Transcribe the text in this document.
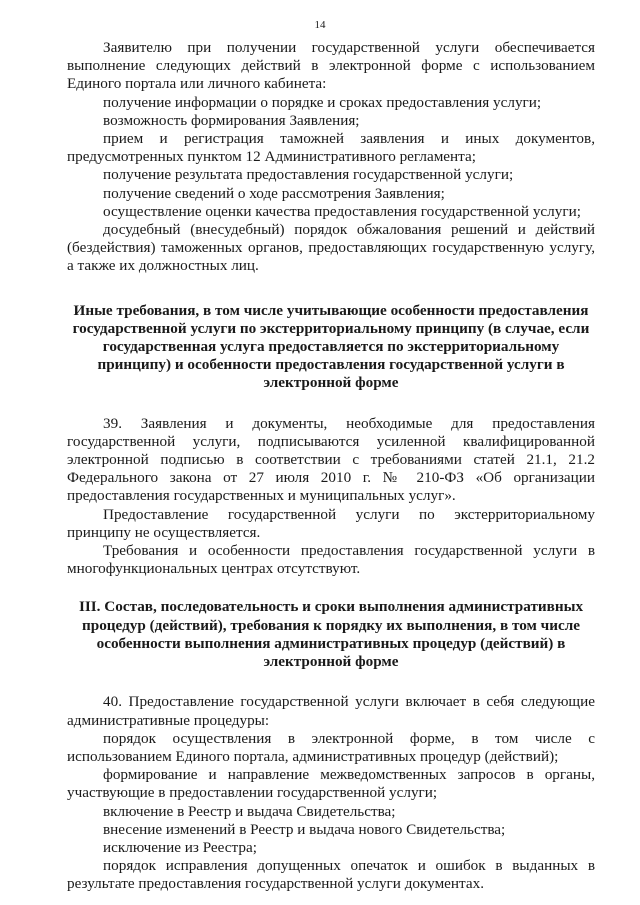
14

Заявителю при получении государственной услуги обеспечивается выполнение следующих действий в электронной форме с использованием Единого портала или личного кабинета:

получение информации о порядке и сроках предоставления услуги;

возможность формирования Заявления;

прием и регистрация таможней заявления и иных документов, предусмотренных пунктом 12 Административного регламента;

получение результата предоставления государственной услуги;

получение сведений о ходе рассмотрения Заявления;

осуществление оценки качества предоставления государственной услуги;

досудебный (внесудебный) порядок обжалования решений и действий (бездействия) таможенных органов, предоставляющих государственную услугу, а также их должностных лиц.

Иные требования, в том числе учитывающие особенности предоставления государственной услуги по экстерриториальному принципу (в случае, если государственная услуга предоставляется по экстерриториальному принципу) и особенности предоставления государственной услуги в электронной форме

39. Заявления и документы, необходимые для предоставления государственной услуги, подписываются усиленной квалифицированной электронной подписью в соответствии с требованиями статей 21.1, 21.2 Федерального закона от 27 июля 2010 г. № 210-ФЗ «Об организации предоставления государственных и муниципальных услуг».

Предоставление государственной услуги по экстерриториальному принципу не осуществляется.

Требования и особенности предоставления государственной услуги в многофункциональных центрах отсутствуют.

III. Состав, последовательность и сроки выполнения административных процедур (действий), требования к порядку их выполнения, в том числе особенности выполнения административных процедур (действий) в электронной форме

40. Предоставление государственной услуги включает в себя следующие административные процедуры:

порядок осуществления в электронной форме, в том числе с использованием Единого портала, административных процедур (действий);

формирование и направление межведомственных запросов в органы, участвующие в предоставлении государственной услуги;

включение в Реестр и выдача Свидетельства;

внесение изменений в Реестр и выдача нового Свидетельства;

исключение из Реестра;

порядок исправления допущенных опечаток и ошибок в выданных в результате предоставления государственной услуги документах.
